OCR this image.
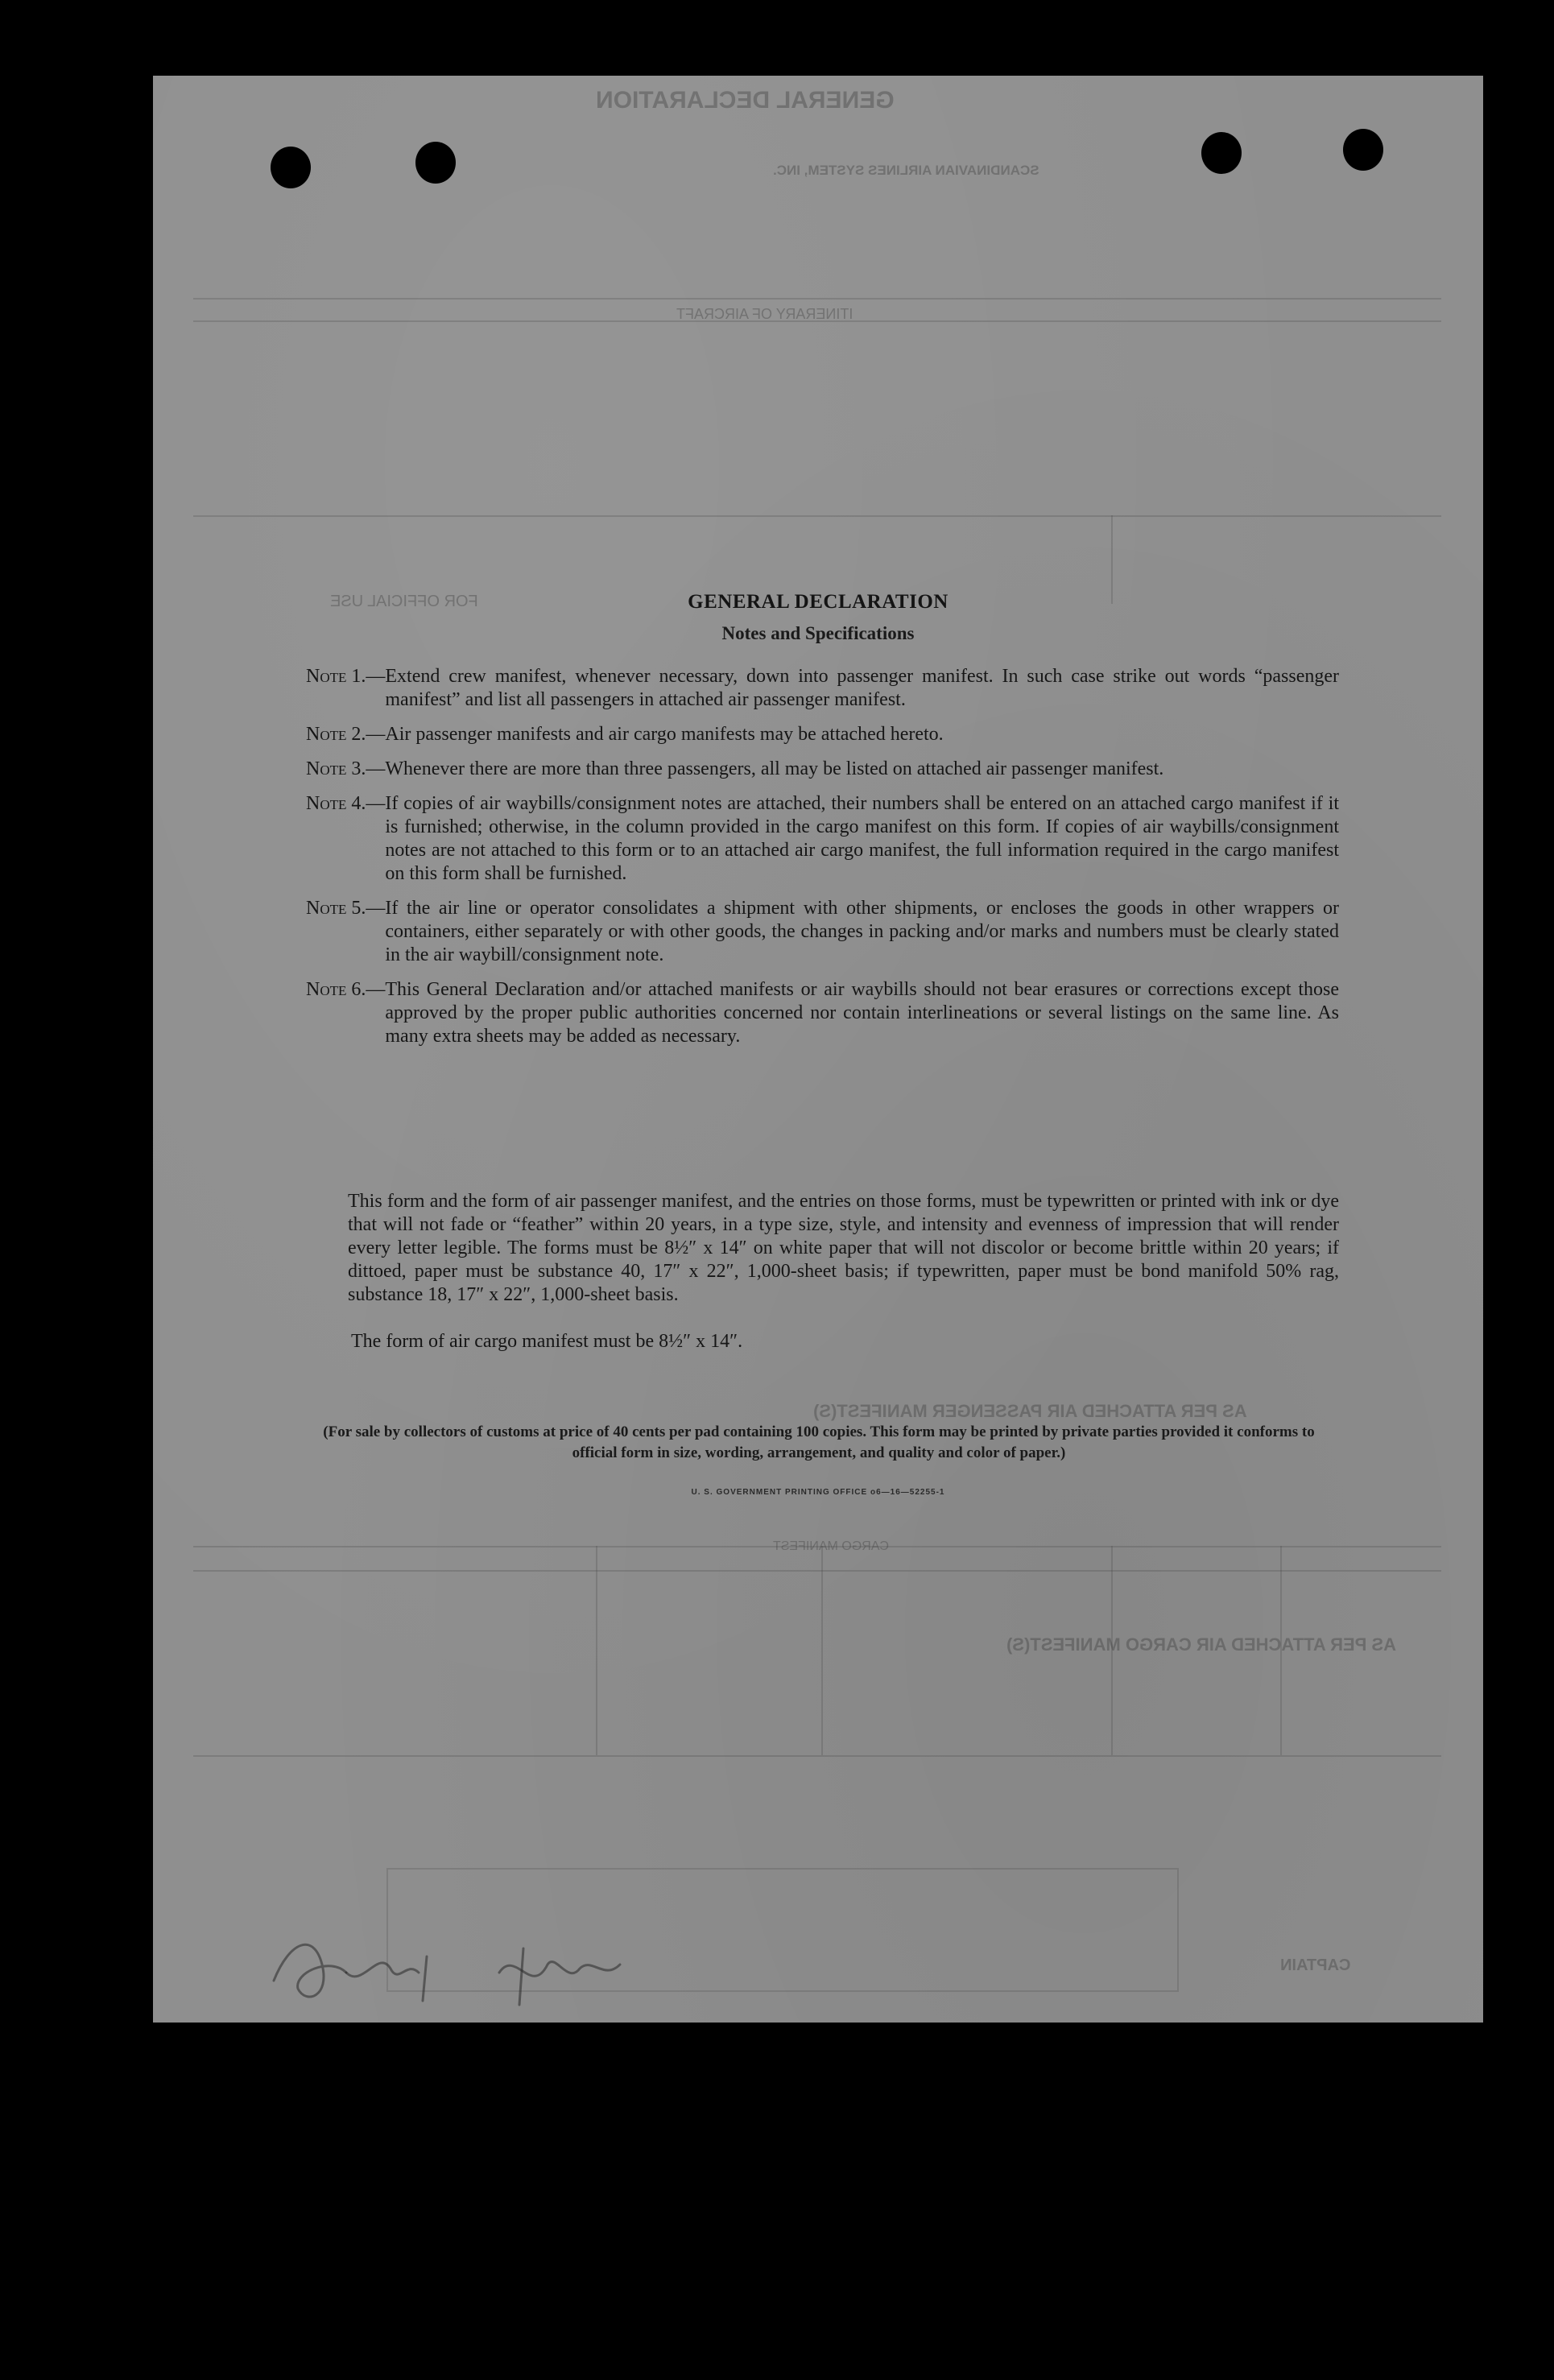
GENERAL DECLARATION
SCANDINAVIAN AIRLINES SYSTEM, INC.
ITINERARY OF AIRCRAFT
FOR OFFICIAL USE
AS PER ATTACHED AIR PASSENGER MANIFEST(S)
CARGO MANIFEST
AS PER ATTACHED AIR CARGO MANIFEST(S)
CAPTAIN
GENERAL DECLARATION
Notes and Specifications
Note 1.— Extend crew manifest, whenever necessary, down into passenger manifest. In such case strike out words “passenger manifest” and list all passengers in attached air passenger manifest.
Note 2.— Air passenger manifests and air cargo manifests may be attached hereto.
Note 3.— Whenever there are more than three passengers, all may be listed on attached air passenger manifest.
Note 4.— If copies of air waybills/consignment notes are attached, their numbers shall be entered on an attached cargo manifest if it is furnished; otherwise, in the column provided in the cargo manifest on this form. If copies of air waybills/consignment notes are not attached to this form or to an attached air cargo manifest, the full information required in the cargo manifest on this form shall be furnished.
Note 5.— If the air line or operator consolidates a shipment with other shipments, or encloses the goods in other wrappers or containers, either separately or with other goods, the changes in packing and/or marks and numbers must be clearly stated in the air waybill/consignment note.
Note 6.— This General Declaration and/or attached manifests or air waybills should not bear erasures or corrections except those approved by the proper public authorities concerned nor contain interlineations or several listings on the same line. As many extra sheets may be added as necessary.

This form and the form of air passenger manifest, and the entries on those forms, must be typewritten or printed with ink or dye that will not fade or “feather” within 20 years, in a type size, style, and intensity and evenness of impression that will render every letter legible. The forms must be 8½″ x 14″ on white paper that will not discolor or become brittle within 20 years; if dittoed, paper must be substance 40, 17″ x 22″, 1,000-sheet basis; if typewritten, paper must be bond manifold 50% rag, substance 18, 17″ x 22″, 1,000-sheet basis.

The form of air cargo manifest must be 8½″ x 14″.
(For sale by collectors of customs at price of 40 cents per pad containing 100 copies. This form may be printed by private parties provided it conforms to official form in size, wording, arrangement, and quality and color of paper.)
U. S. GOVERNMENT PRINTING OFFICE o6—16—52255-1
